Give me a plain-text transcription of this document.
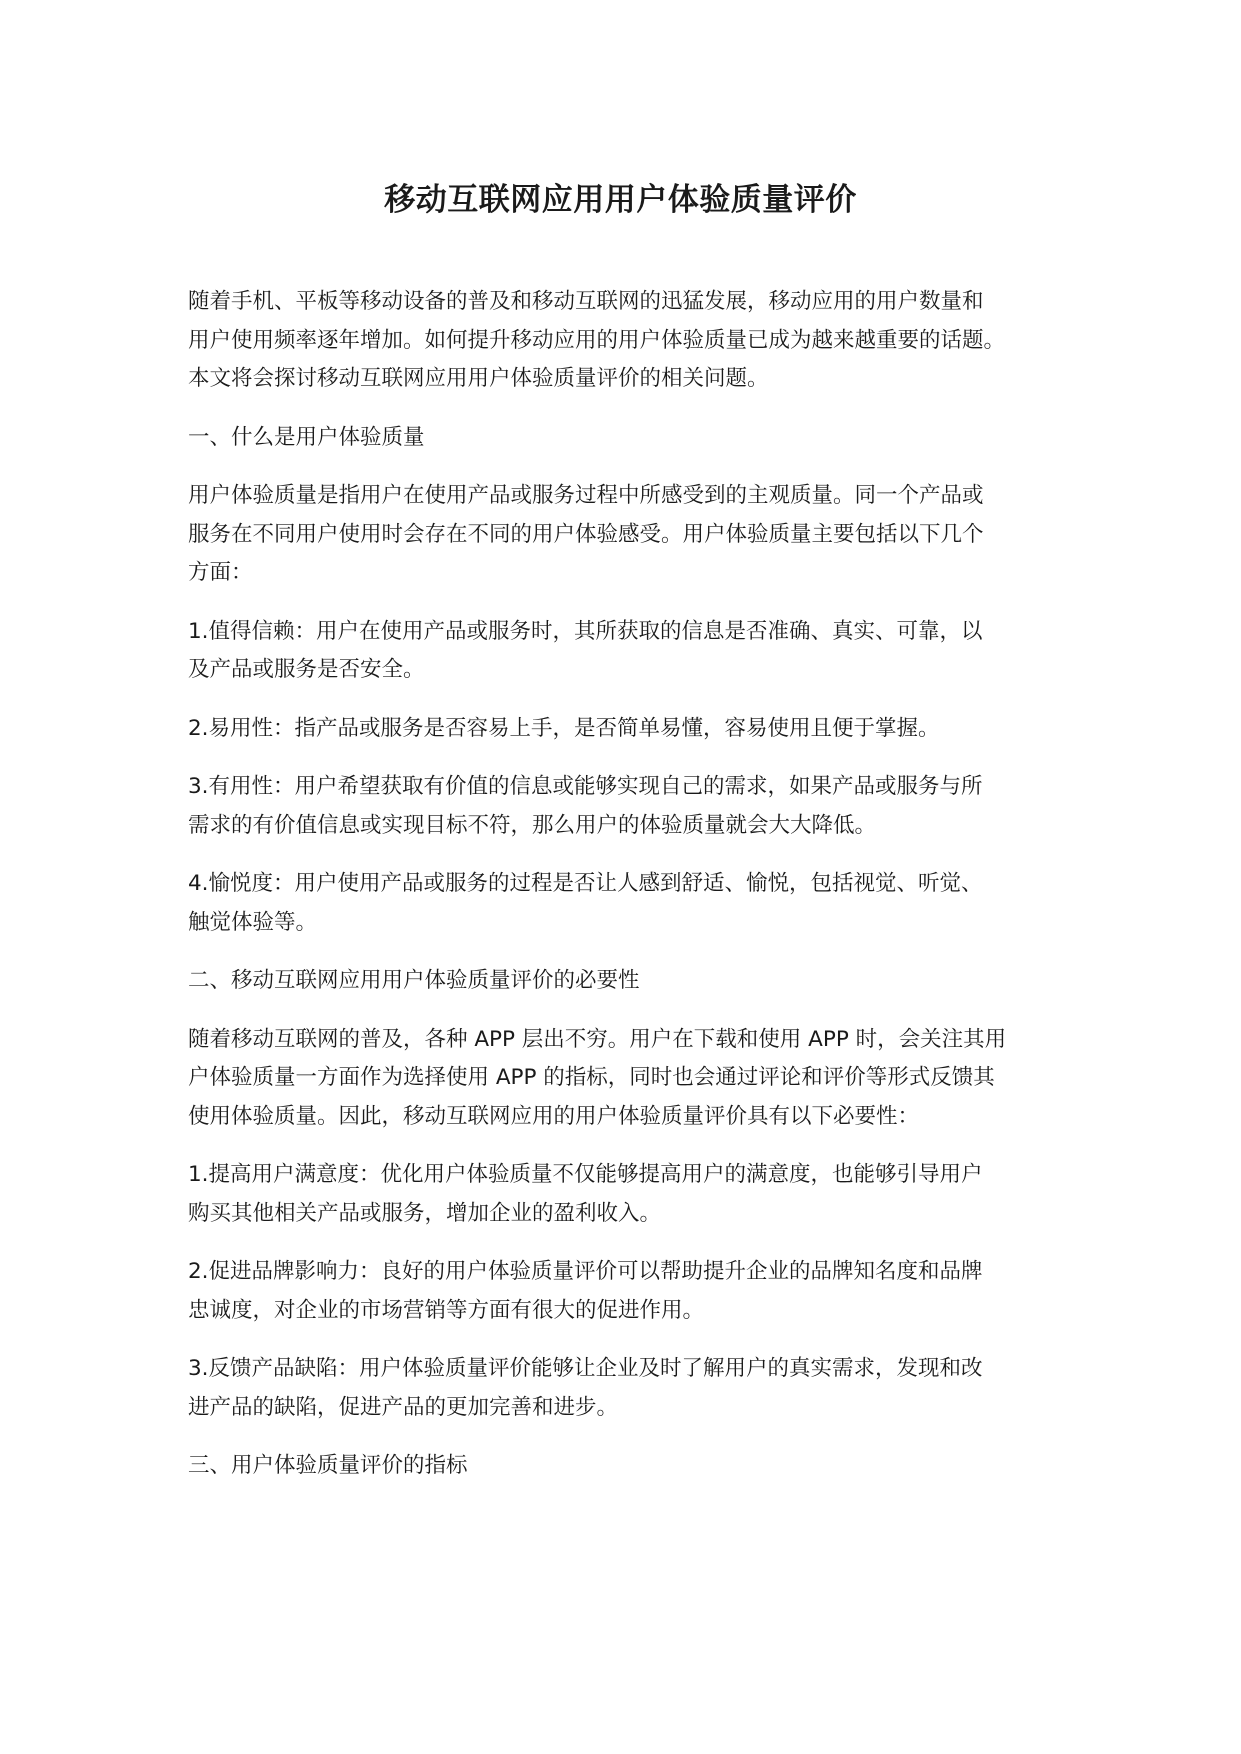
移动互联网应用用户体验质量评价

随着手机、平板等移动设备的普及和移动互联网的迅猛发展，移动应用的用户数量和
用户使用频率逐年增加。如何提升移动应用的用户体验质量已成为越来越重要的话题。
本文将会探讨移动互联网应用用户体验质量评价的相关问题。

一、什么是用户体验质量

用户体验质量是指用户在使用产品或服务过程中所感受到的主观质量。同一个产品或
服务在不同用户使用时会存在不同的用户体验感受。用户体验质量主要包括以下几个
方面：

1.值得信赖：用户在使用产品或服务时，其所获取的信息是否准确、真实、可靠，以
及产品或服务是否安全。

2.易用性：指产品或服务是否容易上手，是否简单易懂，容易使用且便于掌握。

3.有用性：用户希望获取有价值的信息或能够实现自己的需求，如果产品或服务与所
需求的有价值信息或实现目标不符，那么用户的体验质量就会大大降低。

4.愉悦度：用户使用产品或服务的过程是否让人感到舒适、愉悦，包括视觉、听觉、
触觉体验等。

二、移动互联网应用用户体验质量评价的必要性

随着移动互联网的普及，各种 APP 层出不穷。用户在下载和使用 APP 时，会关注其用
户体验质量一方面作为选择使用 APP 的指标，同时也会通过评论和评价等形式反馈其
使用体验质量。因此，移动互联网应用的用户体验质量评价具有以下必要性：

1.提高用户满意度：优化用户体验质量不仅能够提高用户的满意度，也能够引导用户
购买其他相关产品或服务，增加企业的盈利收入。

2.促进品牌影响力：良好的用户体验质量评价可以帮助提升企业的品牌知名度和品牌
忠诚度，对企业的市场营销等方面有很大的促进作用。

3.反馈产品缺陷：用户体验质量评价能够让企业及时了解用户的真实需求，发现和改
进产品的缺陷，促进产品的更加完善和进步。

三、用户体验质量评价的指标
